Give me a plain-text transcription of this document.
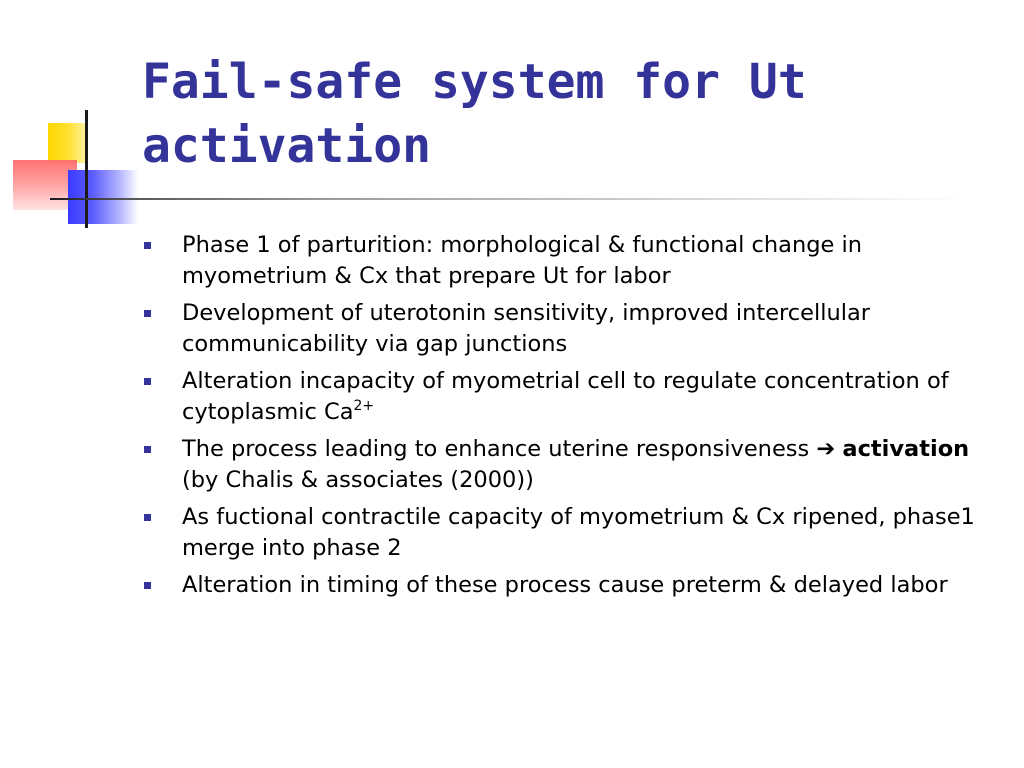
Fail-safe system for Ut
activation
Phase 1 of parturition: morphological & functional change in myometrium & Cx that prepare Ut for labor
Development of uterotonin sensitivity, improved intercellular communicability via gap junctions
Alteration incapacity of myometrial cell to regulate concentration of cytoplasmic $Ca^{2+}$
The process leading to enhance uterine responsiveness ➔ activation (by Chalis & associates (2000))
As fuctional contractile capacity of myometrium & Cx ripened, phase1 merge into phase 2
Alteration in timing of these process cause preterm & delayed labor
